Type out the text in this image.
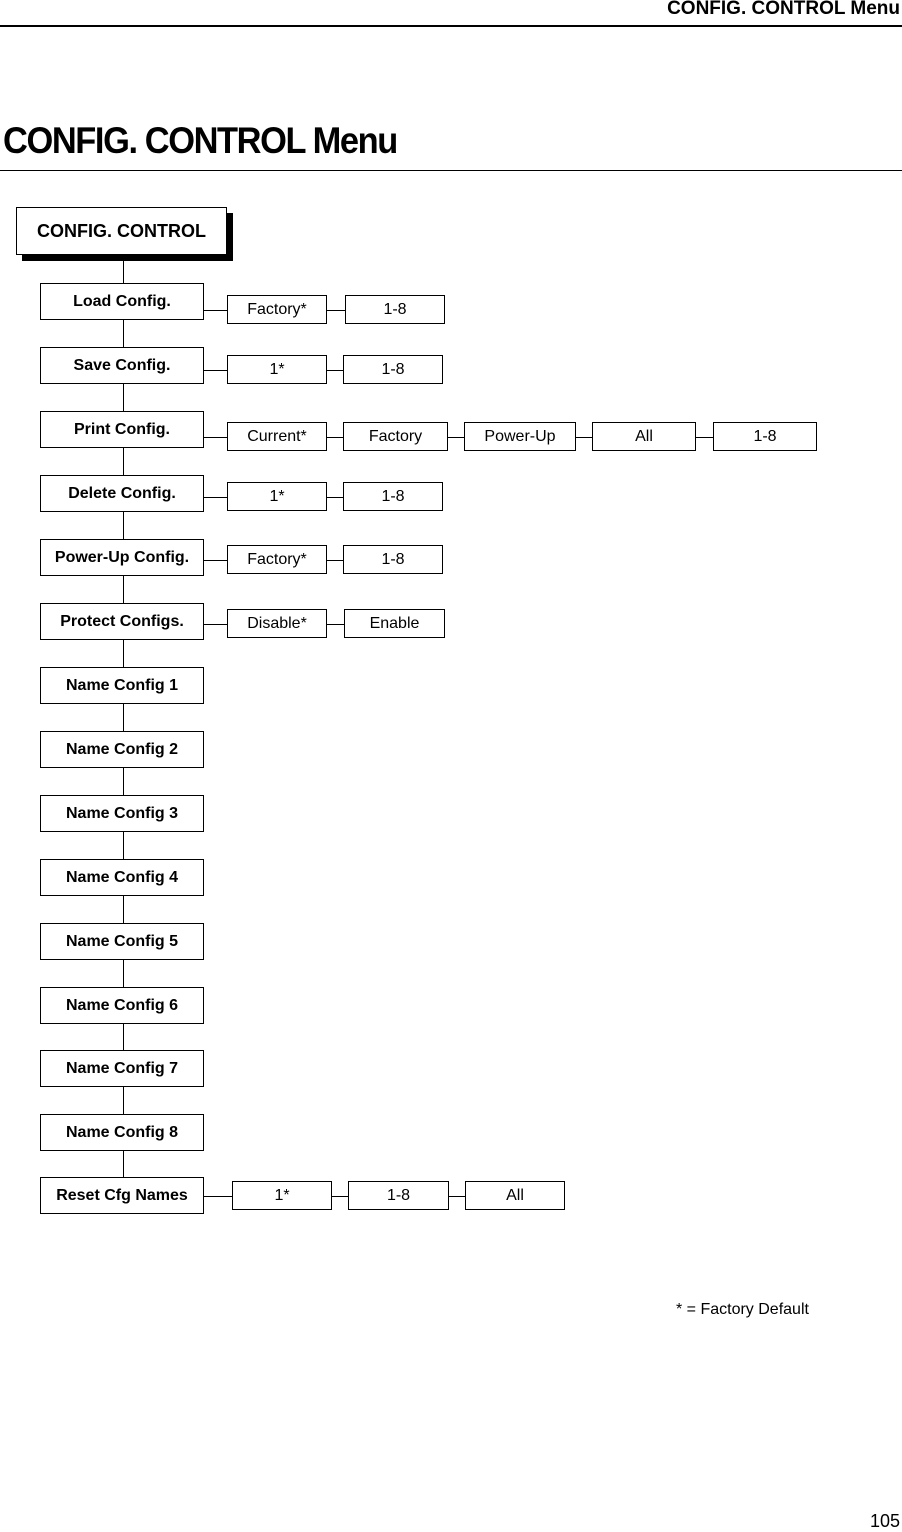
CONFIG. CONTROL Menu
CONFIG. CONTROL Menu
CONFIG. CONTROL
Load Config.	Factory*	1-8
Save Config.	1*	1-8
Print Config.	Current*	Factory	Power-Up	All	1-8
Delete Config.	1*	1-8
Power-Up Config.	Factory*	1-8
Protect Configs.	Disable*	Enable
Name Config 1
Name Config 2
Name Config 3
Name Config 4
Name Config 5
Name Config 6
Name Config 7
Name Config 8
Reset Cfg Names	1*	1-8	All
* = Factory Default
105
